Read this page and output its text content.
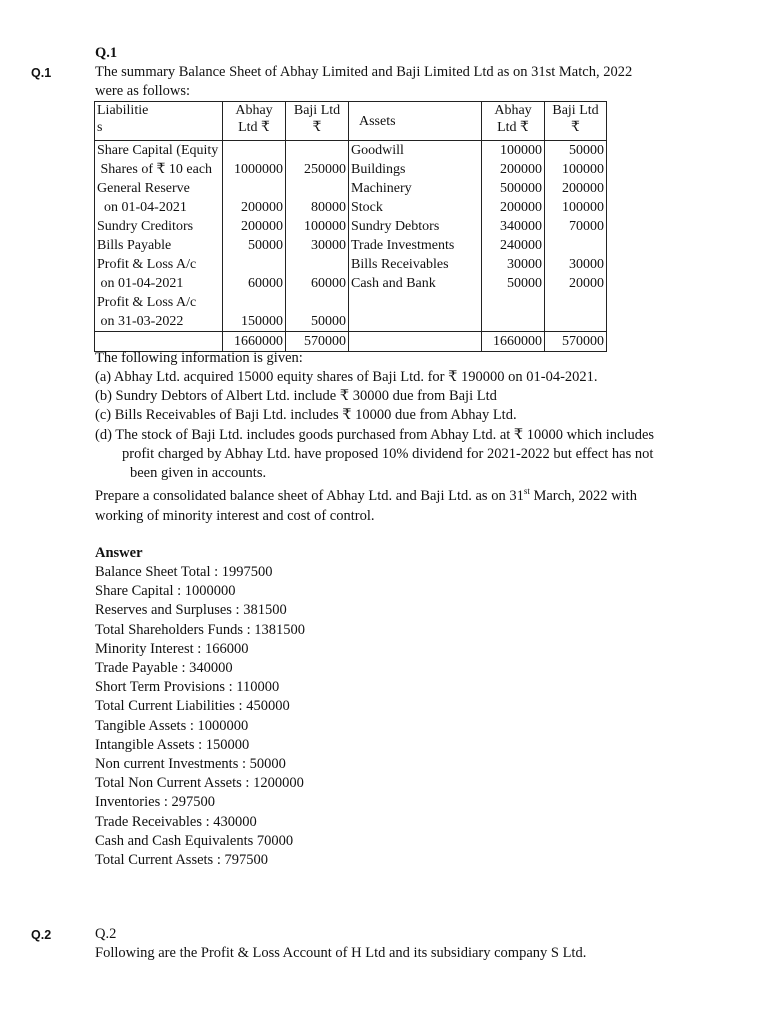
Q.1
Q.1	The summary Balance Sheet of Abhay Limited and Baji Limited Ltd as on 31st Match, 2022
were as follows:
Liabilitie
s	Abhay
Ltd ₹	Baji Ltd
₹	Assets	Abhay
Ltd ₹	Baji Ltd
₹
Share Capital (Equity			Goodwill	100000	50000
Shares of ₹ 10 each	1000000	250000	Buildings	200000	100000
General Reserve			Machinery	500000	200000
on 01-04-2021	200000	80000	Stock	200000	100000
Sundry Creditors	200000	100000	Sundry Debtors	340000	70000
Bills Payable	50000	30000	Trade Investments	240000	
Profit & Loss A/c			Bills Receivables	30000	30000
on 01-04-2021	60000	60000	Cash and Bank	50000	20000
Profit & Loss A/c					
on 31-03-2022	150000	50000			
	1660000	570000		1660000	570000
The following information is given:
(a) Abhay Ltd. acquired 15000 equity shares of Baji Ltd. for ₹ 190000 on 01-04-2021.
(b) Sundry Debtors of Albert Ltd. include ₹ 30000 due from Baji Ltd
(c) Bills Receivables of Baji Ltd. includes ₹ 10000 due from Abhay Ltd.
(d) The stock of Baji Ltd. includes goods purchased from Abhay Ltd. at ₹ 10000 which includes
profit charged by Abhay Ltd. have proposed 10% dividend for 2021-2022 but effect has not
been given in accounts.
Prepare a consolidated balance sheet of Abhay Ltd. and Baji Ltd. as on 31st March, 2022 with
working of minority interest and cost of control.
Answer
Balance Sheet Total : 1997500
Share Capital : 1000000
Reserves and Surpluses : 381500
Total Shareholders Funds : 1381500
Minority Interest : 166000
Trade Payable : 340000
Short Term Provisions : 110000
Total Current Liabilities : 450000
Tangible Assets : 1000000
Intangible Assets : 150000
Non current Investments : 50000
Total Non Current Assets : 1200000
Inventories : 297500
Trade Receivables : 430000
Cash and Cash Equivalents 70000
Total Current Assets : 797500
Q.2	Q.2
Following are the Profit & Loss Account of H Ltd and its subsidiary company S Ltd.
